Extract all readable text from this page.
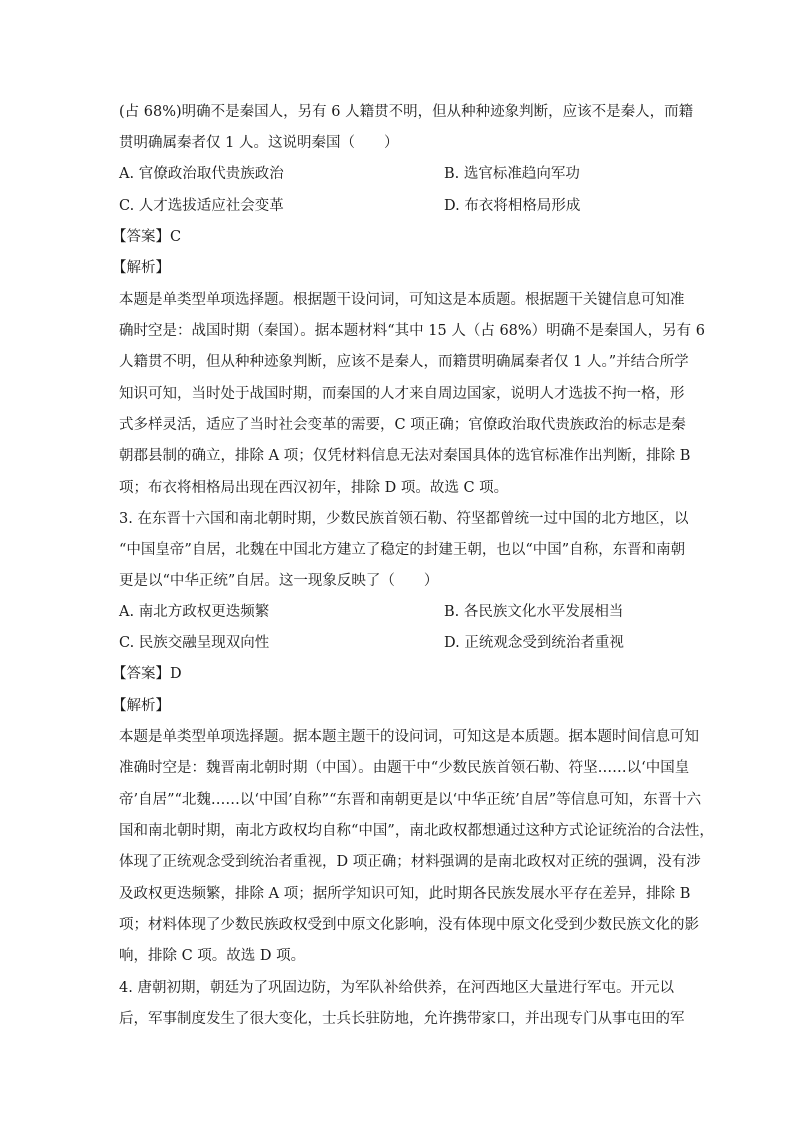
(占 68%)明确不是秦国人，另有 6 人籍贯不明，但从种种迹象判断，应该不是秦人，而籍
贯明确属秦者仅 1 人。这说明秦国（　　）
A. 官僚政治取代贵族政治	B. 选官标准趋向军功
C. 人才选拔适应社会变革	D. 布衣将相格局形成
【答案】C
【解析】
本题是单类型单项选择题。根据题干设问词，可知这是本质题。根据题干关键信息可知准
确时空是：战国时期（秦国）。据本题材料“其中 15 人（占 68%）明确不是秦国人，另有 6
人籍贯不明，但从种种迹象判断，应该不是秦人，而籍贯明确属秦者仅 1 人。”并结合所学
知识可知，当时处于战国时期，而秦国的人才来自周边国家，说明人才选拔不拘一格，形
式多样灵活，适应了当时社会变革的需要，C 项正确；官僚政治取代贵族政治的标志是秦
朝郡县制的确立，排除 A 项；仅凭材料信息无法对秦国具体的选官标准作出判断，排除 B
项；布衣将相格局出现在西汉初年，排除 D 项。故选 C 项。
3. 在东晋十六国和南北朝时期，少数民族首领石勒、符坚都曾统一过中国的北方地区，以
“中国皇帝”自居，北魏在中国北方建立了稳定的封建王朝，也以“中国”自称，东晋和南朝
更是以“中华正统”自居。这一现象反映了（　　）
A. 南北方政权更迭频繁	B. 各民族文化水平发展相当
C. 民族交融呈现双向性	D. 正统观念受到统治者重视
【答案】D
【解析】
本题是单类型单项选择题。据本题主题干的设问词，可知这是本质题。据本题时间信息可知
准确时空是：魏晋南北朝时期（中国）。由题干中“少数民族首领石勒、符坚……以‘中国皇
帝’自居”“北魏……以‘中国’自称”“东晋和南朝更是以‘中华正统’自居”等信息可知，东晋十六
国和南北朝时期，南北方政权均自称“中国”，南北政权都想通过这种方式论证统治的合法性，
体现了正统观念受到统治者重视，D 项正确；材料强调的是南北政权对正统的强调，没有涉
及政权更迭频繁，排除 A 项；据所学知识可知，此时期各民族发展水平存在差异，排除 B
项；材料体现了少数民族政权受到中原文化影响，没有体现中原文化受到少数民族文化的影
响，排除 C 项。故选 D 项。
4. 唐朝初期，朝廷为了巩固边防，为军队补给供养，在河西地区大量进行军屯。开元以
后，军事制度发生了很大变化，士兵长驻防地，允许携带家口，并出现专门从事屯田的军
